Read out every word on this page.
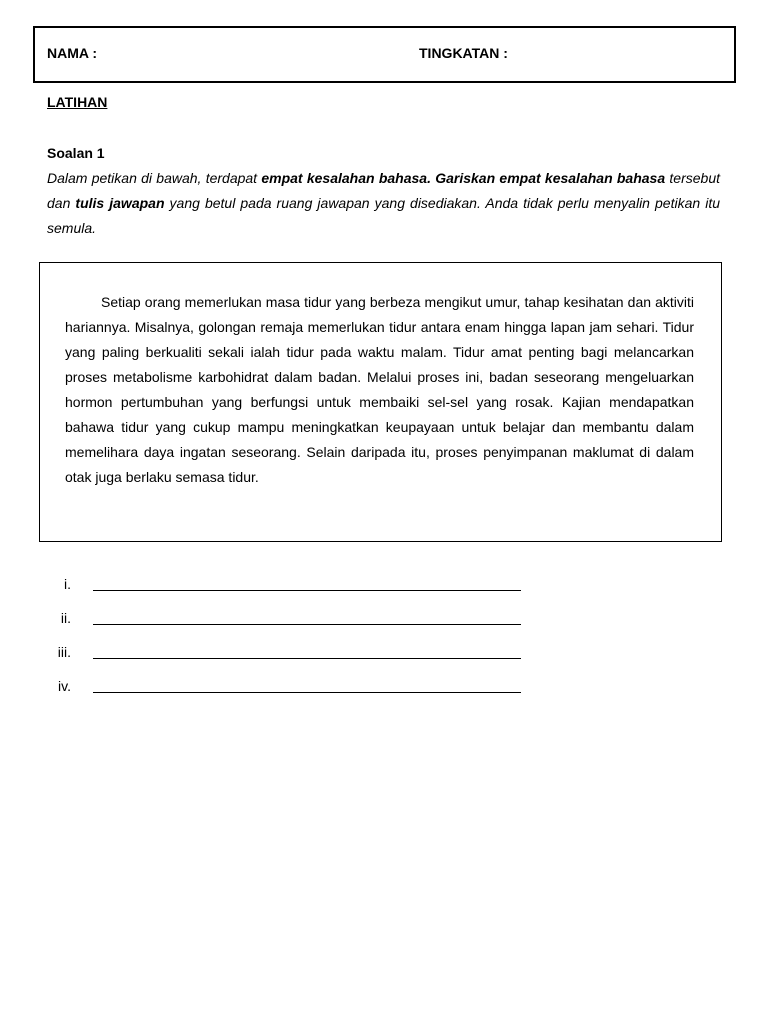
NAMA :	TINGKATAN :
LATIHAN
Soalan 1
Dalam petikan di bawah, terdapat empat kesalahan bahasa. Gariskan empat kesalahan bahasa tersebut dan tulis jawapan yang betul pada ruang jawapan yang disediakan. Anda tidak perlu menyalin petikan itu semula.

Setiap orang memerlukan masa tidur yang berbeza mengikut umur, tahap kesihatan dan aktiviti hariannya. Misalnya, golongan remaja memerlukan tidur antara enam hingga lapan jam sehari. Tidur yang paling berkualiti sekali ialah tidur pada waktu malam. Tidur amat penting bagi melancarkan proses metabolisme karbohidrat dalam badan. Melalui proses ini, badan seseorang mengeluarkan hormon pertumbuhan yang berfungsi untuk membaiki sel-sel yang rosak. Kajian mendapatkan bahawa tidur yang cukup mampu meningkatkan keupayaan untuk belajar dan membantu dalam memelihara daya ingatan seseorang. Selain daripada itu, proses penyimpanan maklumat di dalam otak juga berlaku semasa tidur.

i.
ii.
iii.
iv.
